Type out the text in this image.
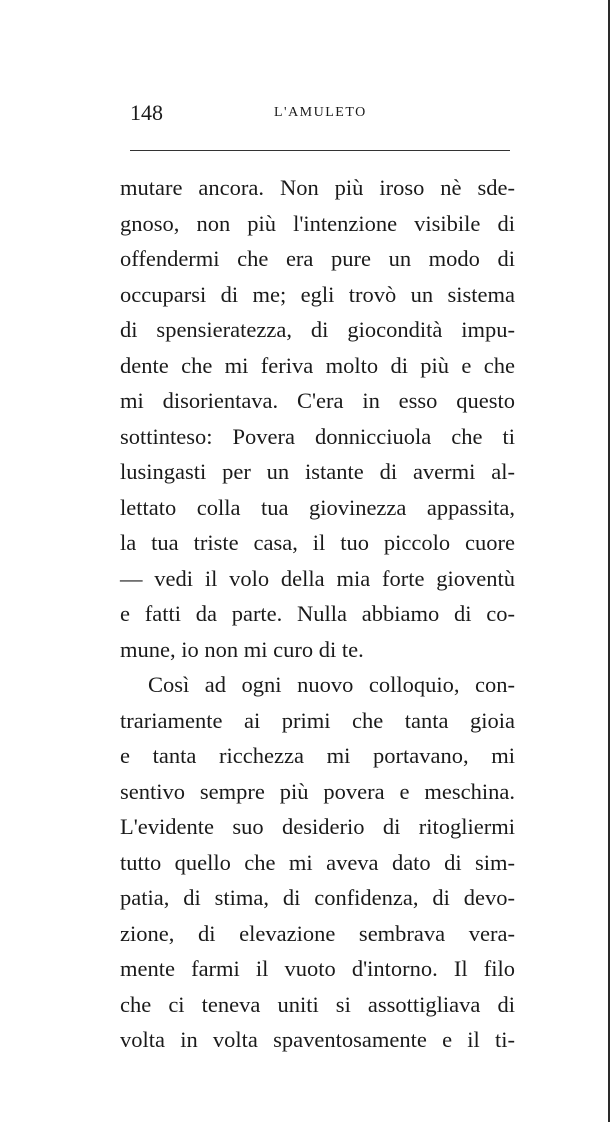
148	L'AMULETO
mutare ancora. Non più iroso nè sde-
gnoso, non più l'intenzione visibile di
offendermi che era pure un modo di
occuparsi di me; egli trovò un sistema
di spensieratezza, di giocondità impu-
dente che mi feriva molto di più e che
mi disorientava. C'era in esso questo
sottinteso: Povera donnicciuola che ti
lusingasti per un istante di avermi al-
lettato colla tua giovinezza appassita,
la tua triste casa, il tuo piccolo cuore
— vedi il volo della mia forte gioventù
e fatti da parte. Nulla abbiamo di co-
mune, io non mi curo di te.
Così ad ogni nuovo colloquio, con-
trariamente ai primi che tanta gioia
e tanta ricchezza mi portavano, mi
sentivo sempre più povera e meschina.
L'evidente suo desiderio di ritogliermi
tutto quello che mi aveva dato di sim-
patia, di stima, di confidenza, di devo-
zione, di elevazione sembrava vera-
mente farmi il vuoto d'intorno. Il filo
che ci teneva uniti si assottigliava di
volta in volta spaventosamente e il ti-
